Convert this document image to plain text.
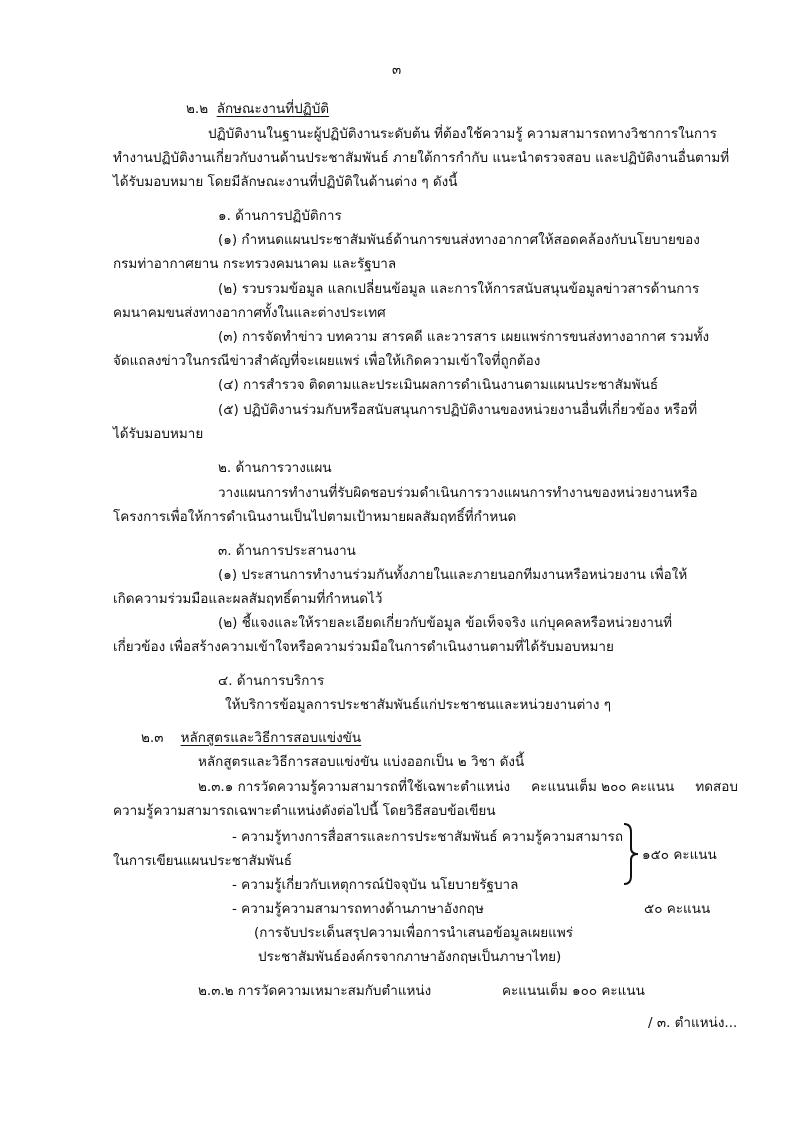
๓
๒.๒ ลักษณะงานที่ปฏิบัติ
ปฏิบัติงานในฐานะผู้ปฏิบัติงานระดับต้น ที่ต้องใช้ความรู้ ความสามารถทางวิชาการในการ
ทำงานปฏิบัติงานเกี่ยวกับงานด้านประชาสัมพันธ์ ภายใต้การกำกับ แนะนำตรวจสอบ และปฏิบัติงานอื่นตามที่
ได้รับมอบหมาย โดยมีลักษณะงานที่ปฏิบัติในด้านต่าง ๆ ดังนี้
๑. ด้านการปฏิบัติการ
(๑) กำหนดแผนประชาสัมพันธ์ด้านการขนส่งทางอากาศให้สอดคล้องกับนโยบายของ
กรมท่าอากาศยาน กระทรวงคมนาคม และรัฐบาล
(๒) รวบรวมข้อมูล แลกเปลี่ยนข้อมูล และการให้การสนับสนุนข้อมูลข่าวสารด้านการ
คมนาคมขนส่งทางอากาศทั้งในและต่างประเทศ
(๓) การจัดทำข่าว บทความ สารคดี และวารสาร เผยแพร่การขนส่งทางอากาศ รวมทั้ง
จัดแถลงข่าวในกรณีข่าวสำคัญที่จะเผยแพร่ เพื่อให้เกิดความเข้าใจที่ถูกต้อง
(๔) การสำรวจ ติดตามและประเมินผลการดำเนินงานตามแผนประชาสัมพันธ์
(๕) ปฏิบัติงานร่วมกับหรือสนับสนุนการปฏิบัติงานของหน่วยงานอื่นที่เกี่ยวข้อง หรือที่
ได้รับมอบหมาย
๒. ด้านการวางแผน
วางแผนการทำงานที่รับผิดชอบร่วมดำเนินการวางแผนการทำงานของหน่วยงานหรือ
โครงการเพื่อให้การดำเนินงานเป็นไปตามเป้าหมายผลสัมฤทธิ์ที่กำหนด
๓. ด้านการประสานงาน
(๑) ประสานการทำงานร่วมกันทั้งภายในและภายนอกทีมงานหรือหน่วยงาน เพื่อให้
เกิดความร่วมมือและผลสัมฤทธิ์ตามที่กำหนดไว้
(๒) ชี้แจงและให้รายละเอียดเกี่ยวกับข้อมูล ข้อเท็จจริง แก่บุคคลหรือหน่วยงานที่
เกี่ยวข้อง เพื่อสร้างความเข้าใจหรือความร่วมมือในการดำเนินงานตามที่ได้รับมอบหมาย
๔. ด้านการบริการ
ให้บริการข้อมูลการประชาสัมพันธ์แก่ประชาชนและหน่วยงานต่าง ๆ
๒.๓ หลักสูตรและวิธีการสอบแข่งขัน
หลักสูตรและวิธีการสอบแข่งขัน แบ่งออกเป็น ๒ วิชา ดังนี้
๒.๓.๑ การวัดความรู้ความสามารถที่ใช้เฉพาะตำแหน่ง คะแนนเต็ม ๒๐๐ คะแนน ทดสอบ
ความรู้ความสามารถเฉพาะตำแหน่งดังต่อไปนี้ โดยวิธีสอบข้อเขียน
- ความรู้ทางการสื่อสารและการประชาสัมพันธ์ ความรู้ความสามารถ
ในการเขียนแผนประชาสัมพันธ์
- ความรู้เกี่ยวกับเหตุการณ์ปัจจุบัน นโยบายรัฐบาล
๑๕๐ คะแนน
- ความรู้ความสามารถทางด้านภาษาอังกฤษ	๕๐ คะแนน
(การจับประเด็นสรุปความเพื่อการนำเสนอข้อมูลเผยแพร่
ประชาสัมพันธ์องค์กรจากภาษาอังกฤษเป็นภาษาไทย)
๒.๓.๒ การวัดความเหมาะสมกับตำแหน่ง	คะแนนเต็ม ๑๐๐ คะแนน
/ ๓. ตำแหน่ง...
